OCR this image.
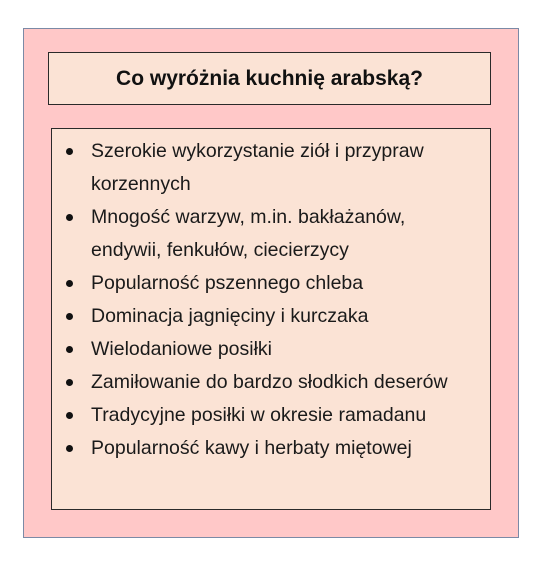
Co wyróżnia kuchnię arabską?
Szerokie wykorzystanie ziół i przypraw korzennych
Mnogość warzyw, m.in. bakłażanów, endywii, fenkułów, ciecierzycy
Popularność pszennego chleba
Dominacja jagnięciny i kurczaka
Wielodaniowe posiłki
Zamiłowanie do bardzo słodkich deserów
Tradycyjne posiłki w okresie ramadanu
Popularność kawy i herbaty miętowej
